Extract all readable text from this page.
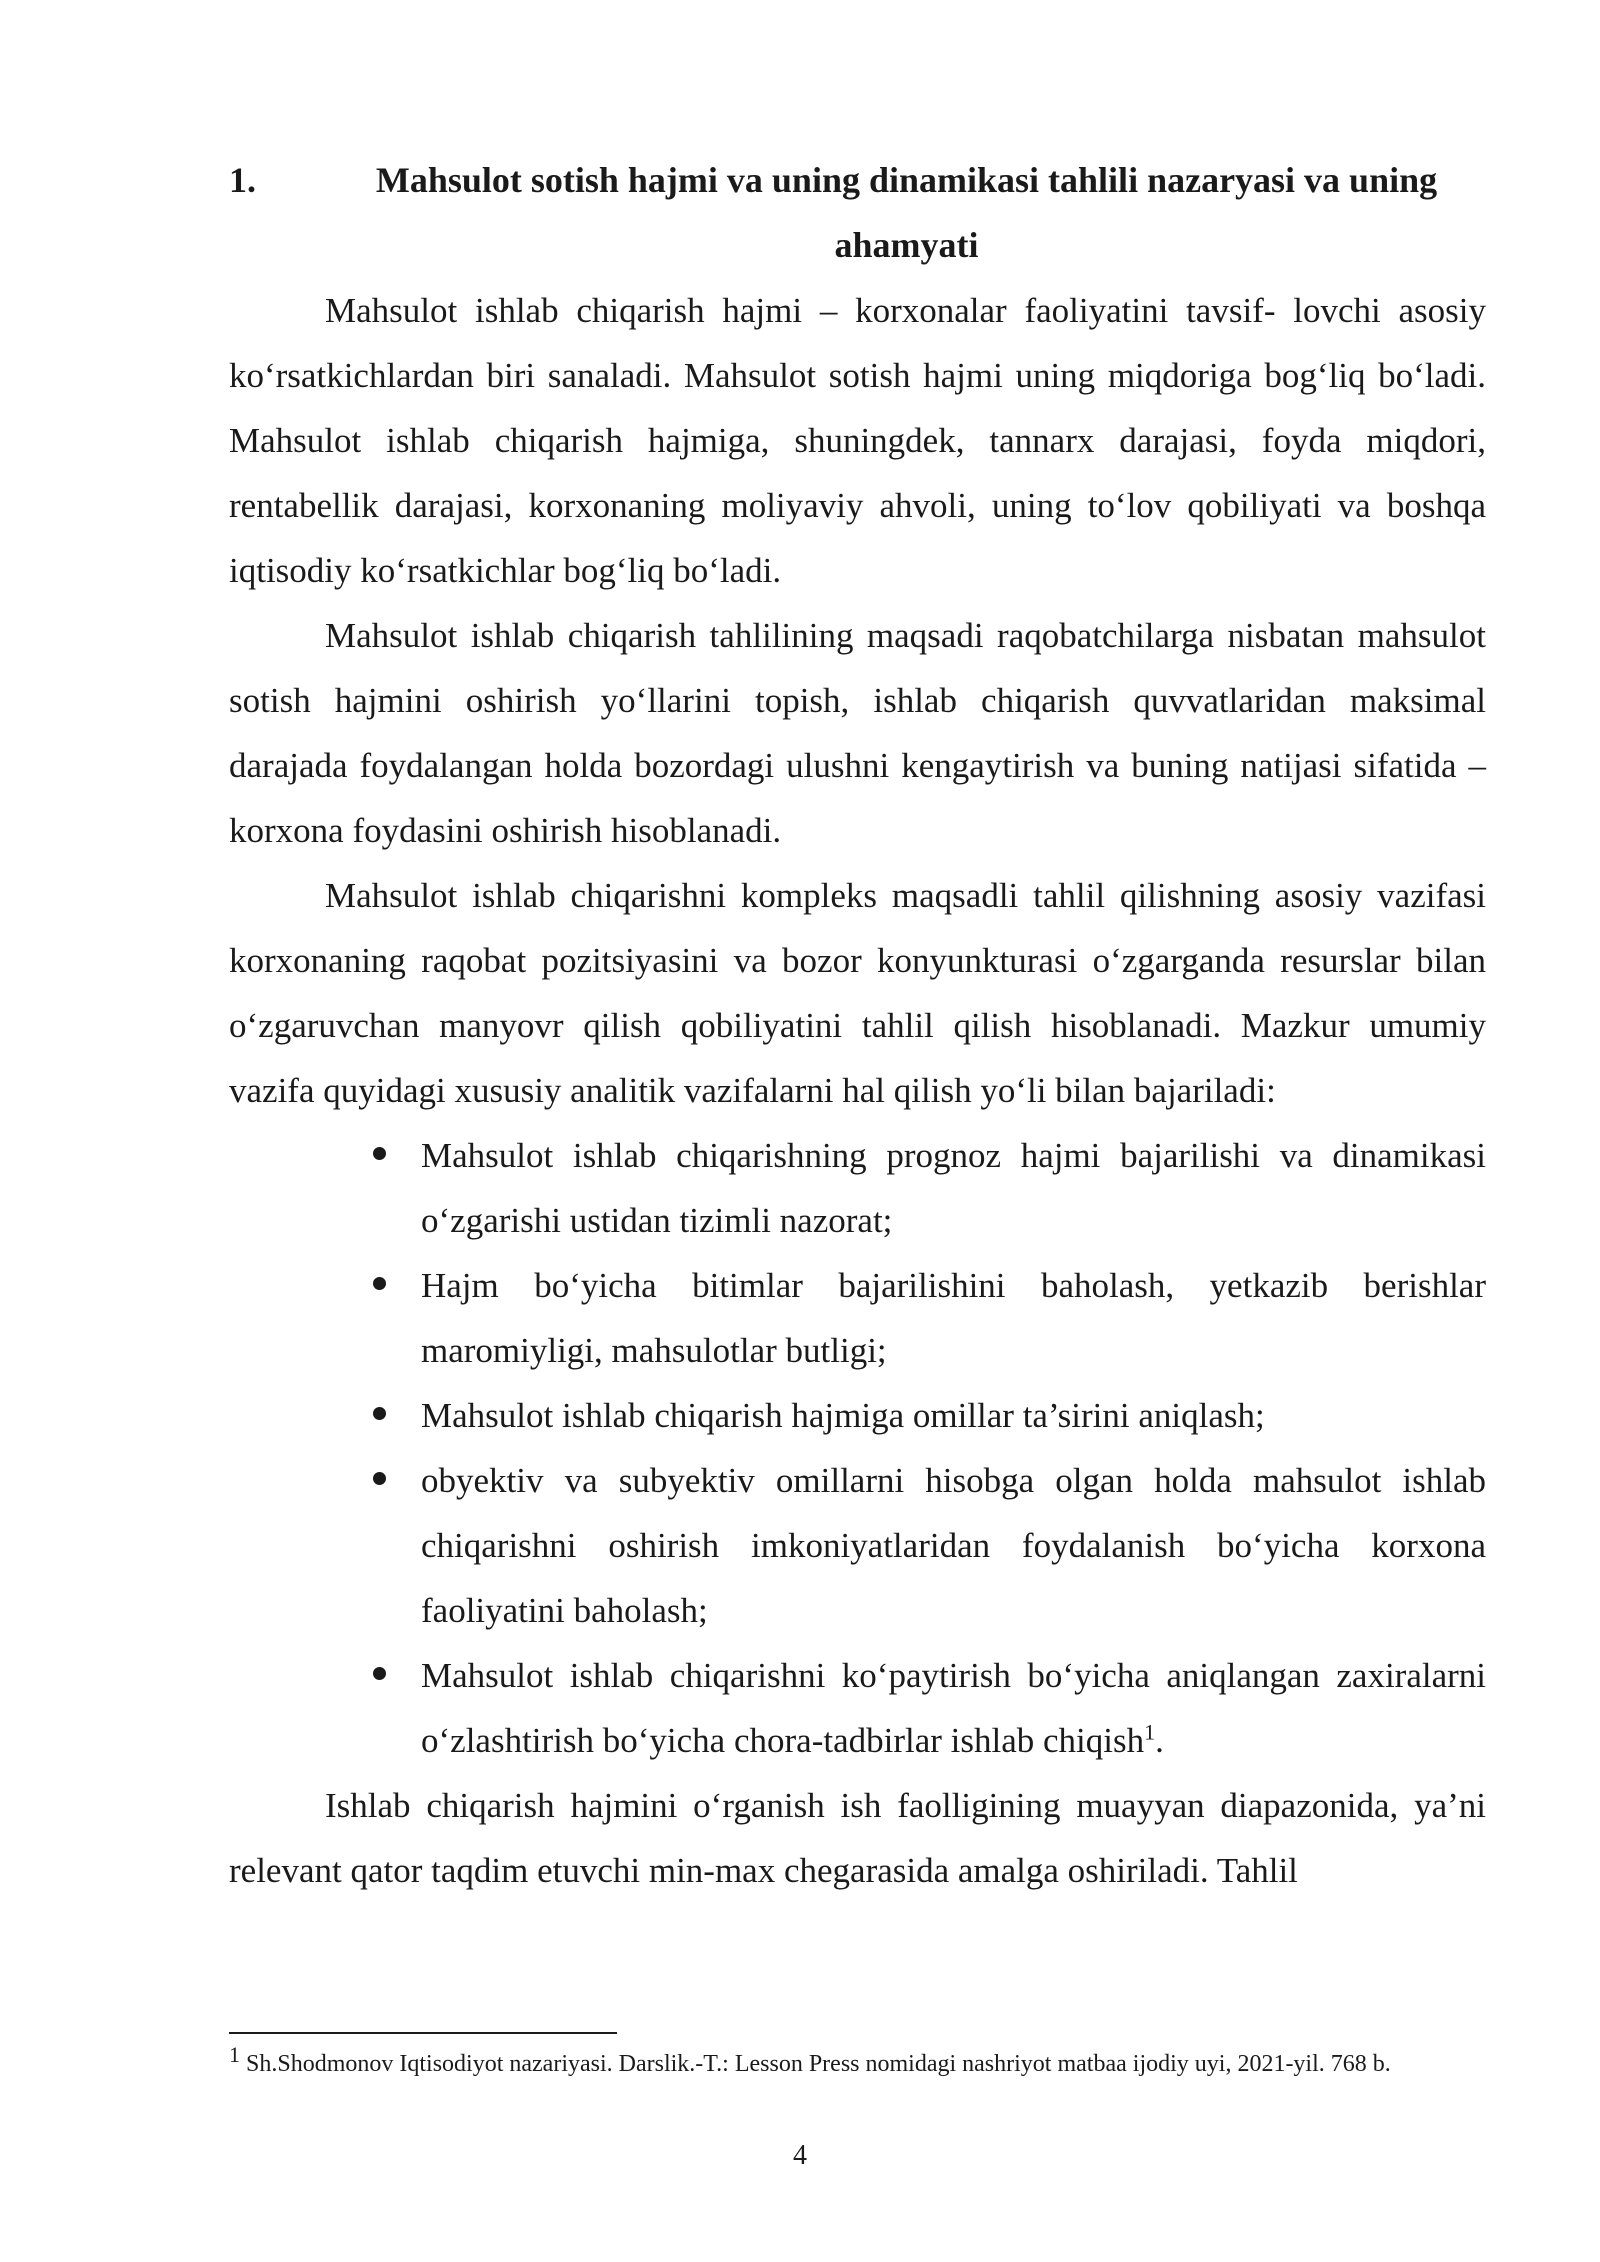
1.	Mahsulot sotish hajmi va uning dinamikasi tahlili nazaryasi va uning ahamyati

Mahsulot ishlab chiqarish hajmi – korxonalar faoliyatini tavsif- lovchi asosiy ko‘rsatkichlardan biri sanaladi. Mahsulot sotish hajmi uning miqdoriga bog‘liq bo‘ladi. Mahsulot ishlab chiqarish hajmiga, shuningdek, tannarx darajasi, foyda miqdori, rentabellik darajasi, korxonaning moliyaviy ahvoli, uning to‘lov qobiliyati va boshqa iqtisodiy ko‘rsatkichlar bog‘liq bo‘ladi.

Mahsulot ishlab chiqarish tahlilining maqsadi raqobatchilarga nisbatan mahsulot sotish hajmini oshirish yo‘llarini topish, ishlab chiqarish quvvatlaridan maksimal darajada foydalangan holda bozordagi ulushni kengaytirish va buning natijasi sifatida – korxona foydasini oshirish hisoblanadi.

Mahsulot ishlab chiqarishni kompleks maqsadli tahlil qilishning asosiy vazifasi korxonaning raqobat pozitsiyasini va bozor konyunkturasi o‘zgarganda resurslar bilan o‘zgaruvchan manyovr qilish qobiliyatini tahlil qilish hisoblanadi. Mazkur umumiy vazifa quyidagi xususiy analitik vazifalarni hal qilish yo‘li bilan bajariladi:

Mahsulot ishlab chiqarishning prognoz hajmi bajarilishi va dinamikasi o‘zgarishi ustidan tizimli nazorat;
Hajm bo‘yicha bitimlar bajarilishini baholash, yetkazib berishlar maromiyligi, mahsulotlar butligi;
Mahsulot ishlab chiqarish hajmiga omillar ta’sirini aniqlash;
obyektiv va subyektiv omillarni hisobga olgan holda mahsulot ishlab chiqarishni oshirish imkoniyatlaridan foydalanish bo‘yicha korxona faoliyatini baholash;
Mahsulot ishlab chiqarishni ko‘paytirish bo‘yicha aniqlangan zaxiralarni o‘zlashtirish bo‘yicha chora-tadbirlar ishlab chiqish$^1$.

Ishlab chiqarish hajmini o‘rganish ish faolligining muayyan diapazonida, ya’ni relevant qator taqdim etuvchi min-max chegarasida amalga oshiriladi. Tahlil

$^1$ Sh.Shodmonov Iqtisodiyot nazariyasi. Darslik.-T.: Lesson Press nomidagi nashriyot matbaa ijodiy uyi, 2021-yil. 768 b.
4
